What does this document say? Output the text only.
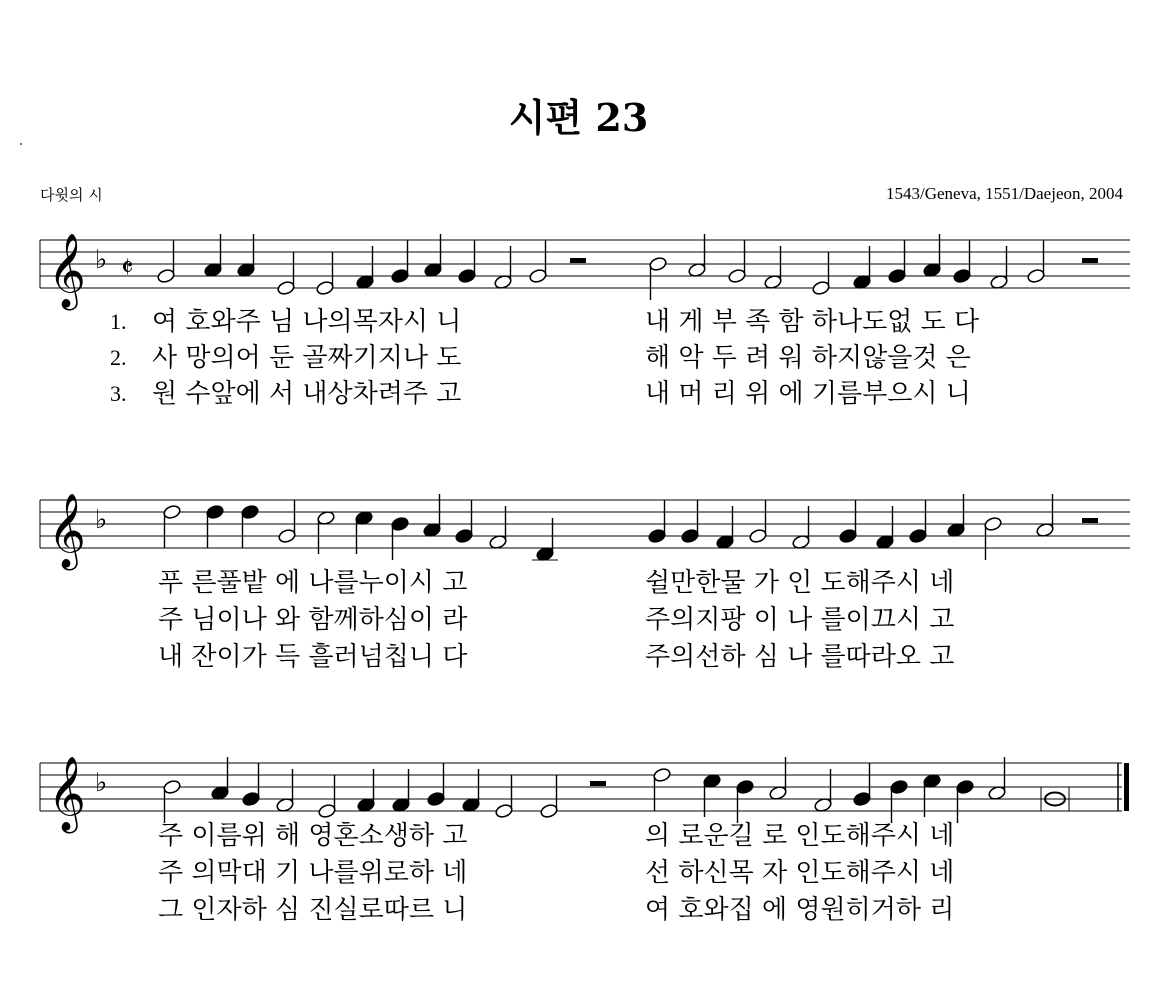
시편 23
다윗의 시	1543/Geneva, 1551/Daejeon, 2004
𝄞 ♭ 𝄵
1.
2.
3.
여 호와주 님 나의목자시 니	내 게 부 족 함 하나도없 도 다
사 망의어 둔 골짜기지나 도	해 악 두 려 워 하지않을것 은
원 수앞에 서 내상차려주 고	내 머 리 위 에 기름부으시 니
𝄞 ♭
푸 른풀밭 에 나를누이시 고	쉴만한물 가 인 도해주시 네
주 님이나 와 함께하심이 라	주의지팡 이 나 를이끄시 고
내 잔이가 득 흘러넘칩니 다	주의선하 심 나 를따라오 고
𝄞 ♭
주 이름위 해 영혼소생하 고	의 로운길 로 인도해주시 네
주 의막대 기 나를위로하 네	선 하신목 자 인도해주시 네
그 인자하 심 진실로따르 니	여 호와집 에 영원히거하 리
